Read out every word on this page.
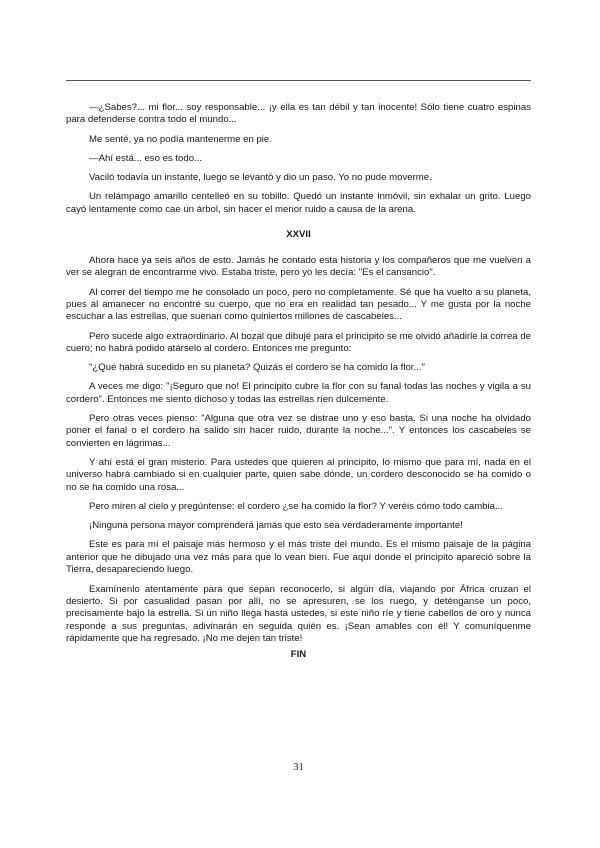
—¿Sabes?... mi flor... soy responsable... ¡y ella es tan débil y tan inocente! Sólo tiene cuatro espinas para defenderse contra todo el mundo...

Me senté, ya no podía mantenerme en pie.

—Ahí está... eso es todo...

Vaciló todavía un instante, luego se levantó y dio un paso. Yo no pude moverme.

Un relámpago amarillo centelleó en su tobillo. Quedó un instante inmóvil, sin exhalar un grito. Luego cayó lentamente como cae un árbol, sin hacer el menor ruido a causa de la arena.

XXVII

Ahora hace ya seis años de esto. Jamás he contado esta historia y los compañeros que me vuelven a ver se alegran de encontrarme vivo. Estaba triste, pero yo les decía: "Es el cansancio".

Al correr del tiempo me he consolado un poco, pero no completamente. Sé que ha vuelto a su planeta, pues al amanecer no encontré su cuerpo, que no era en realidad tan pesado... Y me gusta por la noche escuchar a las estrellas, que suenan como quiniertos millones de cascabeles...

Pero sucede algo extraordinario. Al bozal que dibujé para el principito se me olvidó añadirle la correa de cuero; no habrá podido atárselo al cordero. Entonces me pregunto:

"¿Qué habrá sucedido en su planeta? Quizás el cordero se ha comido la flor..."

A veces me digo: "¡Seguro que no! El principito cubre la flor con su fanal todas las noches y vigila a su cordero". Entonces me siento dichoso y todas las estrellas ríen dulcemente.

Pero otras veces pienso: "Alguna que otra vez se distrae uno y eso basta. Si una noche ha olvidado poner el fanal o el cordero ha salido sin hacer ruido, durante la noche...". Y entonces los cascabeles se convierten en lágrimas...

Y ahí está el gran misterio. Para ustedes que quieren al principito, lo mismo que para mí, nada en el universo habrá cambiado si en cualquier parte, quien sabe dónde, un cordero desconocido se ha comido o no se ha comido una rosa...

Pero miren al cielo y pregúntense: el cordero ¿se ha comido la flor? Y veréis cómo todo cambia...

¡Ninguna persona mayor comprenderá jamás que esto sea verdaderamente importante!

Este es para mí el paisaje más hermoso y el más triste del mundo. Es el mismo paisaje de la página anterior que he dibujado una vez más para que lo vean bien. Fue aquí donde el principito apareció sobre la Tierra, desapareciendo luego.

Examínenlo atentamente para que sepan reconocerlo, si algún día, viajando por África cruzan el desierto. Si por casualidad pasan por allí, no se apresuren, se los ruego, y deténganse un poco, precisamente bajo la estrella. Si un niño llega hasta ustedes, si este niño ríe y tiene cabellos de oro y nunca responde a sus preguntas, adivinarán en seguida quién es. ¡Sean amables con él! Y comuníquenme rápidamente que ha regresado. ¡No me dejen tan triste!

FIN
31
